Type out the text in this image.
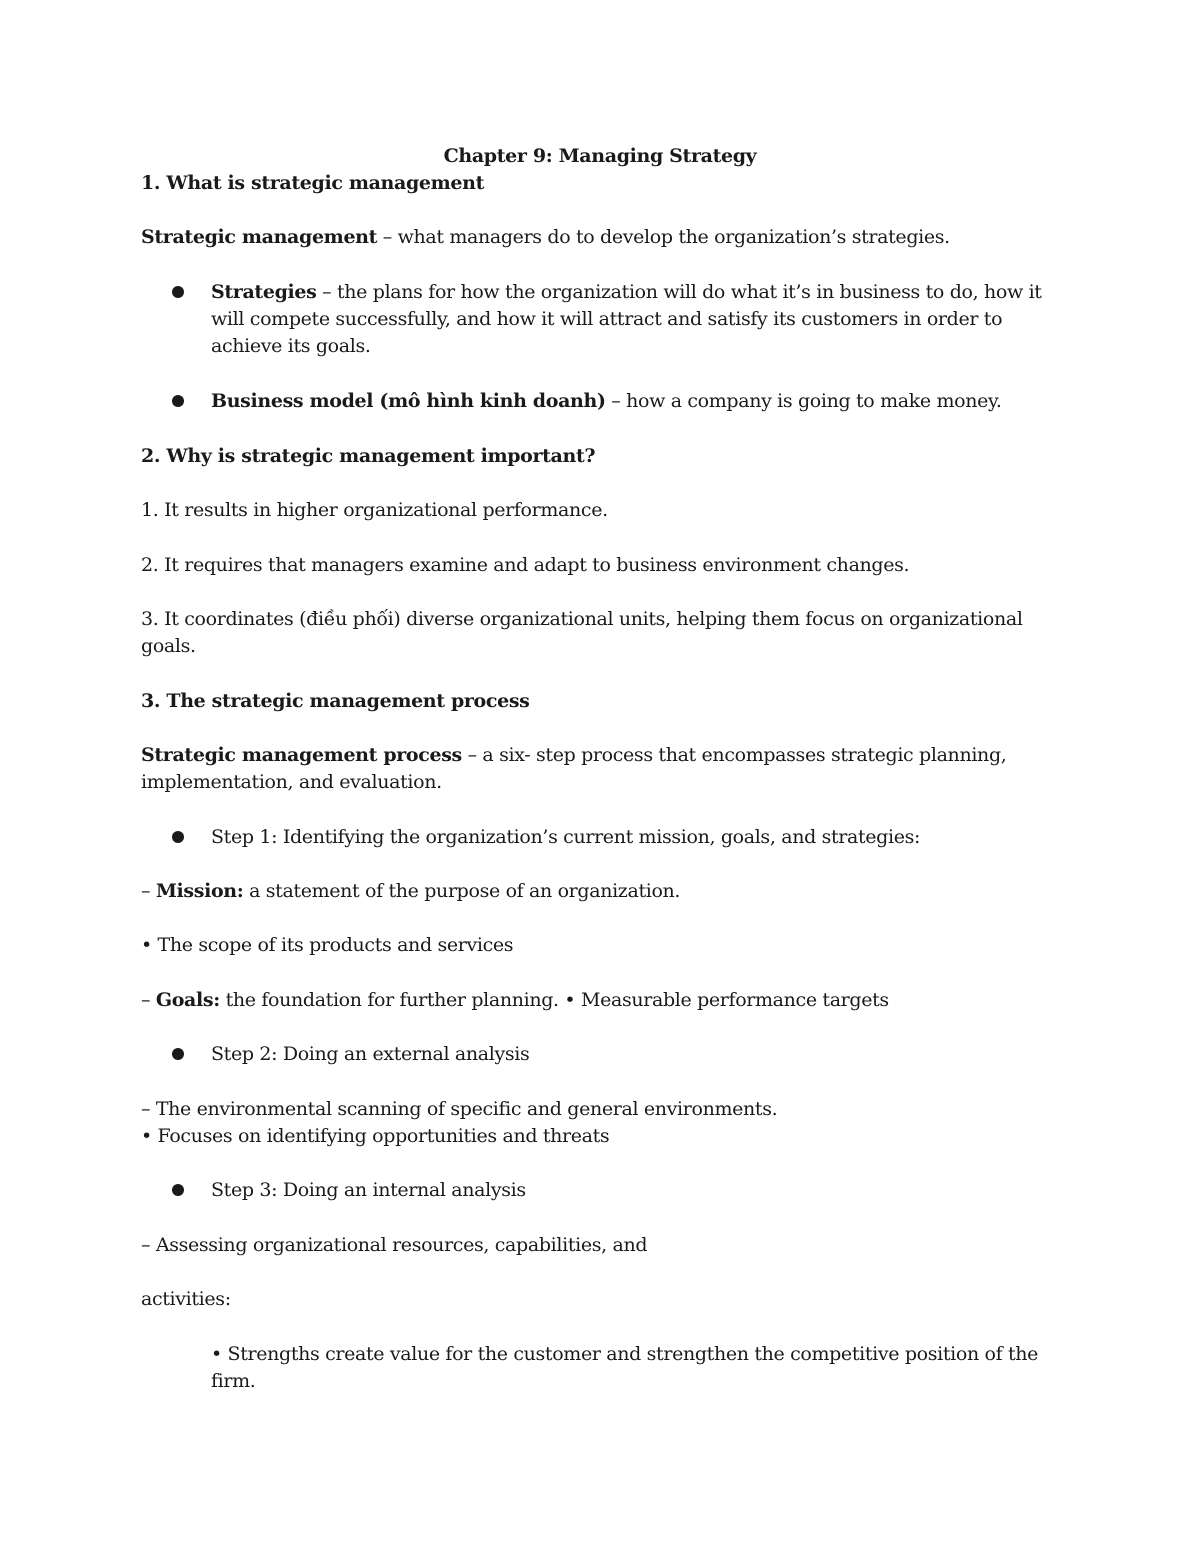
Chapter 9: Managing Strategy

1. What is strategic management

Strategic management – what managers do to develop the organization’s strategies.

Strategies – the plans for how the organization will do what it’s in business to do, how it will compete successfully, and how it will attract and satisfy its customers in order to achieve its goals.

Business model (mô hình kinh doanh) – how a company is going to make money.

2. Why is strategic management important?

1. It results in higher organizational performance.

2. It requires that managers examine and adapt to business environment changes.

3. It coordinates (điều phối) diverse organizational units, helping them focus on organizational goals.

3. The strategic management process

Strategic management process – a six- step process that encompasses strategic planning, implementation, and evaluation.

Step 1: Identifying the organization’s current mission, goals, and strategies:

– Mission: a statement of the purpose of an organization.

• The scope of its products and services

– Goals: the foundation for further planning. • Measurable performance targets

Step 2: Doing an external analysis

– The environmental scanning of specific and general environments.

• Focuses on identifying opportunities and threats

Step 3: Doing an internal analysis

– Assessing organizational resources, capabilities, and

activities:

• Strengths create value for the customer and strengthen the competitive position of the firm.
